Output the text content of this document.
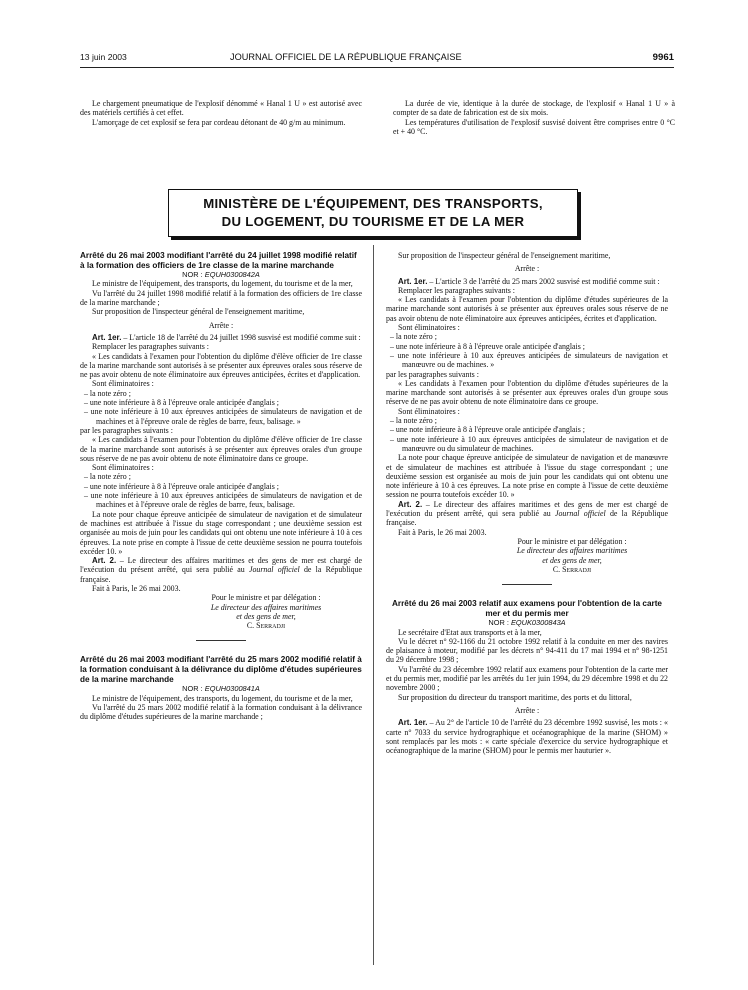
13 juin 2003	JOURNAL OFFICIEL DE LA RÉPUBLIQUE FRANÇAISE	9961

Le chargement pneumatique de l'explosif dénommé « Hanal 1 U » est autorisé avec des matériels certifiés à cet effet.

L'amorçage de cet explosif se fera par cordeau détonant de 40 g/m au minimum.

La durée de vie, identique à la durée de stockage, de l'explosif « Hanal 1 U » à compter de sa date de fabrication est de six mois.

Les températures d'utilisation de l'explosif susvisé doivent être comprises entre 0 °C et + 40 °C.

MINISTÈRE DE L'ÉQUIPEMENT, DES TRANSPORTS,
DU LOGEMENT, DU TOURISME ET DE LA MER

Arrêté du 26 mai 2003 modifiant l'arrêté du 24 juillet 1998 modifié relatif à la formation des officiers de 1re classe de la marine marchande

NOR : EQUH0300842A

Le ministre de l'équipement, des transports, du logement, du tourisme et de la mer,

Vu l'arrêté du 24 juillet 1998 modifié relatif à la formation des officiers de 1re classe de la marine marchande ;

Sur proposition de l'inspecteur général de l'enseignement maritime,

Arrête :

Art. 1er. – L'article 18 de l'arrêté du 24 juillet 1998 susvisé est modifié comme suit :

Remplacer les paragraphes suivants :

« Les candidats à l'examen pour l'obtention du diplôme d'élève officier de 1re classe de la marine marchande sont autorisés à se présenter aux épreuves orales sous réserve de ne pas avoir obtenu de note éliminatoire aux épreuves anticipées, écrites et d'application.

Sont éliminatoires :

– la note zéro ;

– une note inférieure à 8 à l'épreuve orale anticipée d'anglais ;

– une note inférieure à 10 aux épreuves anticipées de simulateurs de navigation et de machines et à l'épreuve orale de règles de barre, feux, balisage. »

par les paragraphes suivants :

« Les candidats à l'examen pour l'obtention du diplôme d'élève officier de 1re classe de la marine marchande sont autorisés à se présenter aux épreuves orales d'un groupe sous réserve de ne pas avoir obtenu de note éliminatoire dans ce groupe.

Sont éliminatoires :

– la note zéro ;

– une note inférieure à 8 à l'épreuve orale anticipée d'anglais ;

– une note inférieure à 10 aux épreuves anticipées de simulateurs de navigation et de machines et à l'épreuve orale de règles de barre, feux, balisage.

La note pour chaque épreuve anticipée de simulateur de navigation et de simulateur de machines est attribuée à l'issue du stage correspondant ; une deuxième session est organisée au mois de juin pour les candidats qui ont obtenu une note inférieure à 10 à ces épreuves. La note prise en compte à l'issue de cette deuxième session ne pourra toutefois excéder 10. »

Art. 2. – Le directeur des affaires maritimes et des gens de mer est chargé de l'exécution du présent arrêté, qui sera publié au Journal officiel de la République française.

Fait à Paris, le 26 mai 2003.

Pour le ministre et par délégation :

Le directeur des affaires maritimes

et des gens de mer,

C. Serradji

Arrêté du 26 mai 2003 modifiant l'arrêté du 25 mars 2002 modifié relatif à la formation conduisant à la délivrance du diplôme d'études supérieures de la marine marchande

NOR : EQUH0300841A

Le ministre de l'équipement, des transports, du logement, du tourisme et de la mer,

Vu l'arrêté du 25 mars 2002 modifié relatif à la formation conduisant à la délivrance du diplôme d'études supérieures de la marine marchande ;

Sur proposition de l'inspecteur général de l'enseignement maritime,

Arrête :

Art. 1er. – L'article 3 de l'arrêté du 25 mars 2002 susvisé est modifié comme suit :

Remplacer les paragraphes suivants :

« Les candidats à l'examen pour l'obtention du diplôme d'études supérieures de la marine marchande sont autorisés à se présenter aux épreuves orales sous réserve de ne pas avoir obtenu de note éliminatoire aux épreuves anticipées, écrites et d'application.

Sont éliminatoires :

– la note zéro ;

– une note inférieure à 8 à l'épreuve orale anticipée d'anglais ;

– une note inférieure à 10 aux épreuves anticipées de simulateurs de navigation et manœuvre ou de machines. »

par les paragraphes suivants :

« Les candidats à l'examen pour l'obtention du diplôme d'études supérieures de la marine marchande sont autorisés à se présenter aux épreuves orales d'un groupe sous réserve de ne pas avoir obtenu de note éliminatoire dans ce groupe.

Sont éliminatoires :

– la note zéro ;

– une note inférieure à 8 à l'épreuve orale anticipée d'anglais ;

– une note inférieure à 10 aux épreuves anticipées de simulateur de navigation et de manœuvre ou du simulateur de machines.

La note pour chaque épreuve anticipée de simulateur de navigation et de manœuvre et de simulateur de machines est attribuée à l'issue du stage correspondant ; une deuxième session est organisée au mois de juin pour les candidats qui ont obtenu une note inférieure à 10 à ces épreuves. La note prise en compte à l'issue de cette deuxième session ne pourra toutefois excéder 10. »

Art. 2. – Le directeur des affaires maritimes et des gens de mer est chargé de l'exécution du présent arrêté, qui sera publié au Journal officiel de la République française.

Fait à Paris, le 26 mai 2003.

Pour le ministre et par délégation :

Le directeur des affaires maritimes

et des gens de mer,

C. Serradji

Arrêté du 26 mai 2003 relatif aux examens pour l'obtention de la carte mer et du permis mer

NOR : EQUK0300843A

Le secrétaire d'Etat aux transports et à la mer,

Vu le décret n° 92-1166 du 21 octobre 1992 relatif à la conduite en mer des navires de plaisance à moteur, modifié par les décrets n° 94-411 du 17 mai 1994 et n° 98-1251 du 29 décembre 1998 ;

Vu l'arrêté du 23 décembre 1992 relatif aux examens pour l'obtention de la carte mer et du permis mer, modifié par les arrêtés du 1er juin 1994, du 29 décembre 1998 et du 22 novembre 2000 ;

Sur proposition du directeur du transport maritime, des ports et du littoral,

Arrête :

Art. 1er. – Au 2° de l'article 10 de l'arrêté du 23 décembre 1992 susvisé, les mots : « carte n° 7033 du service hydrographique et océanographique de la marine (SHOM) » sont remplacés par les mots : « carte spéciale d'exercice du service hydrographique et océanographique de la marine (SHOM) pour le permis mer hauturier ».
